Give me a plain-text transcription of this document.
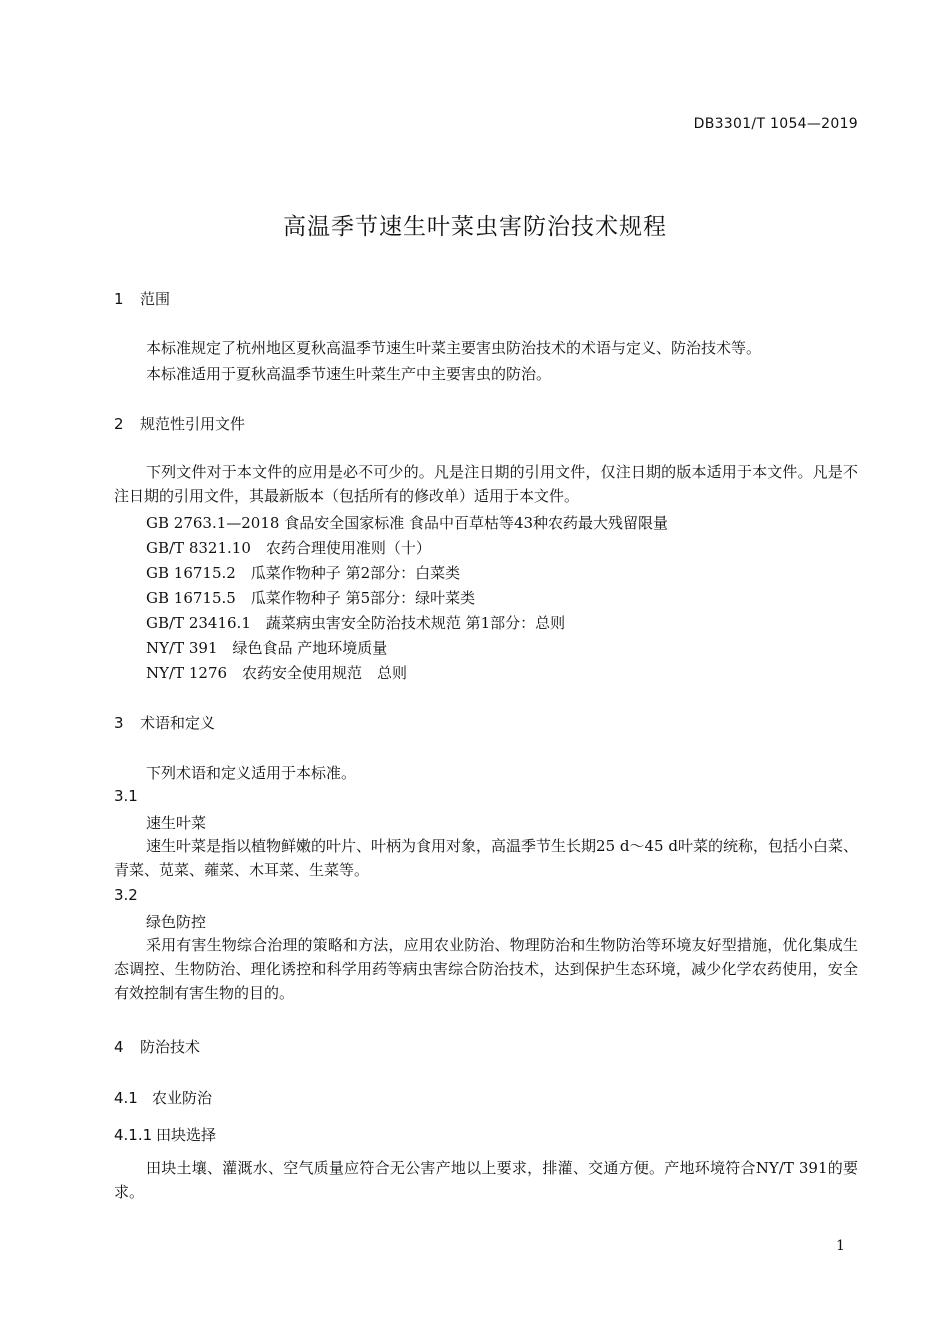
DB3301/T 1054—2019
高温季节速生叶菜虫害防治技术规程
1 范围
本标准规定了杭州地区夏秋高温季节速生叶菜主要害虫防治技术的术语与定义、防治技术等。
本标准适用于夏秋高温季节速生叶菜生产中主要害虫的防治。
2 规范性引用文件
下列文件对于本文件的应用是必不可少的。凡是注日期的引用文件，仅注日期的版本适用于本文件。凡是不注日期的引用文件，其最新版本（包括所有的修改单）适用于本文件。
GB 2763.1—2018 食品安全国家标准 食品中百草枯等43种农药最大残留限量
GB/T 8321.10　农药合理使用准则（十）
GB 16715.2　瓜菜作物种子 第2部分：白菜类
GB 16715.5　瓜菜作物种子 第5部分：绿叶菜类
GB/T 23416.1　蔬菜病虫害安全防治技术规范 第1部分：总则
NY/T 391　绿色食品 产地环境质量
NY/T 1276　农药安全使用规范　总则
3 术语和定义
下列术语和定义适用于本标准。
3.1
速生叶菜
速生叶菜是指以植物鲜嫩的叶片、叶柄为食用对象，高温季节生长期25 d～45 d叶菜的统称，包括小白菜、青菜、苋菜、蕹菜、木耳菜、生菜等。
3.2
绿色防控
采用有害生物综合治理的策略和方法，应用农业防治、物理防治和生物防治等环境友好型措施，优化集成生态调控、生物防治、理化诱控和科学用药等病虫害综合防治技术，达到保护生态环境，减少化学农药使用，安全有效控制有害生物的目的。
4 防治技术
4.1 农业防治
4.1.1 田块选择
田块土壤、灌溉水、空气质量应符合无公害产地以上要求，排灌、交通方便。产地环境符合NY/T 391的要求。
1
